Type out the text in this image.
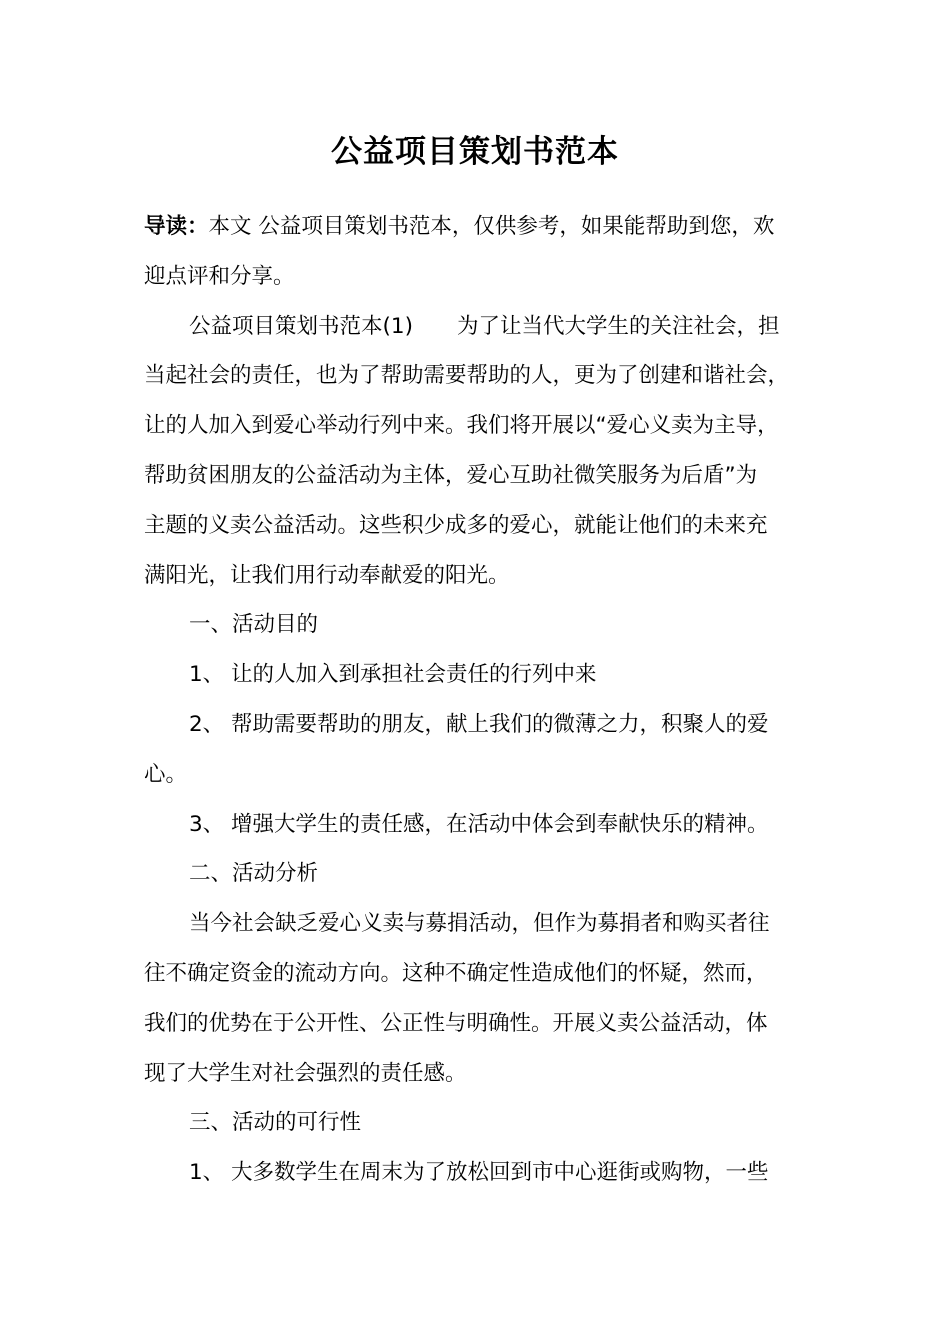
公益项目策划书范本

导读：本文 公益项目策划书范本，仅供参考，如果能帮助到您，欢

迎点评和分享。

公益项目策划书范本(1) 为了让当代大学生的关注社会，担

当起社会的责任，也为了帮助需要帮助的人，更为了创建和谐社会，

让的人加入到爱心举动行列中来。我们将开展以“爱心义卖为主导，

帮助贫困朋友的公益活动为主体，爱心互助社微笑服务为后盾”为

主题的义卖公益活动。这些积少成多的爱心，就能让他们的未来充

满阳光，让我们用行动奉献爱的阳光。

一、活动目的

1、 让的人加入到承担社会责任的行列中来

2、 帮助需要帮助的朋友，献上我们的微薄之力，积聚人的爱

心。

3、 增强大学生的责任感，在活动中体会到奉献快乐的精神。

二、活动分析

当今社会缺乏爱心义卖与募捐活动，但作为募捐者和购买者往

往不确定资金的流动方向。这种不确定性造成他们的怀疑，然而，

我们的优势在于公开性、公正性与明确性。开展义卖公益活动，体

现了大学生对社会强烈的责任感。

三、活动的可行性

1、 大多数学生在周末为了放松回到市中心逛街或购物，一些
